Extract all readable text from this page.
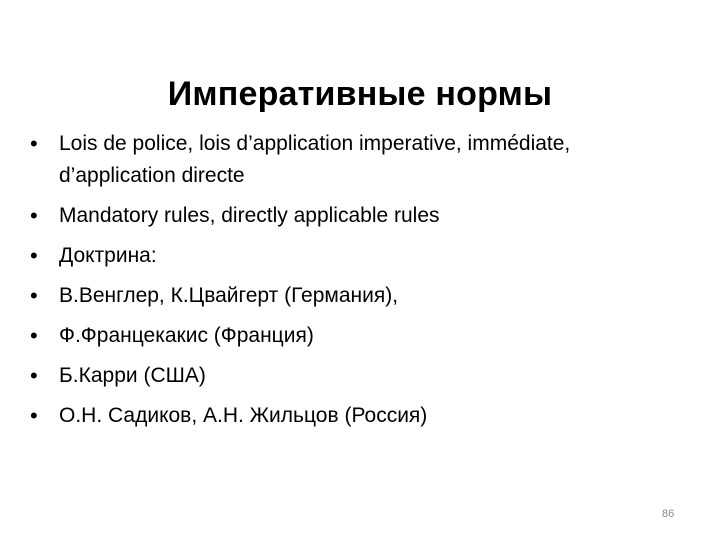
Императивные нормы
•	Lois de police, lois d’application imperative, immédiate, d’application directe
•	Mandatory rules, directly applicable rules
•	Доктрина:
•	В.Венглер, К.Цвайгерт (Германия),
•	Ф.Францекакис (Франция)
•	Б.Карри (США)
•	О.Н. Садиков, А.Н. Жильцов (Россия)
86
